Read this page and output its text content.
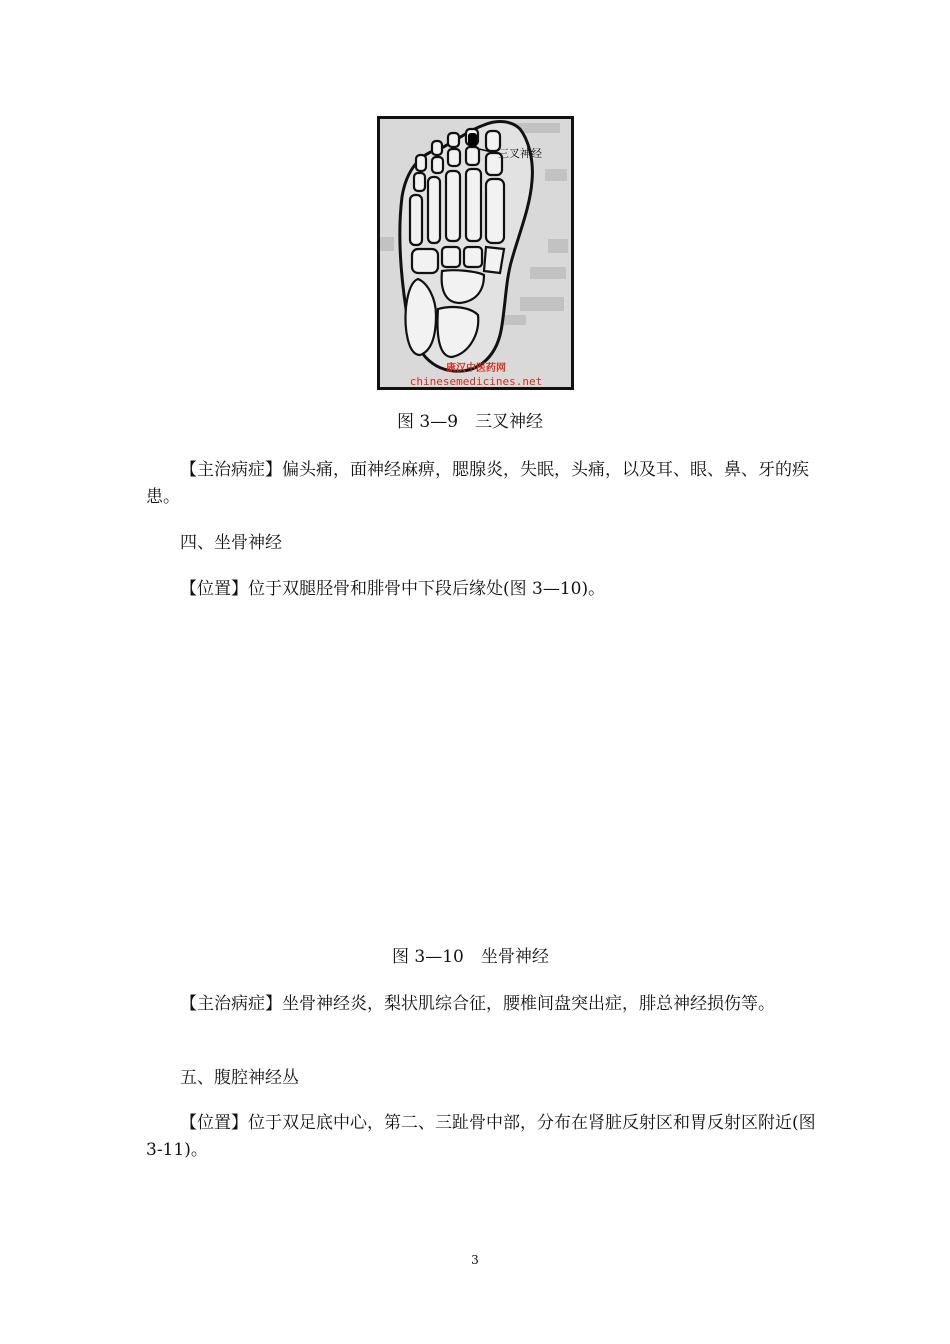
三叉神经
康汉中医药网
chinesemedicines.net
图 3—9　三叉神经
【主治病症】偏头痛，面神经麻痹，腮腺炎，失眠，头痛，以及耳、眼、鼻、牙的疾患。
四、坐骨神经
【位置】位于双腿胫骨和腓骨中下段后缘处(图 3—10)。
图 3—10　坐骨神经
【主治病症】坐骨神经炎，梨状肌综合征，腰椎间盘突出症，腓总神经损伤等。
五、腹腔神经丛
【位置】位于双足底中心，第二、三趾骨中部，分布在肾脏反射区和胃反射区附近(图 3-11)。
3
